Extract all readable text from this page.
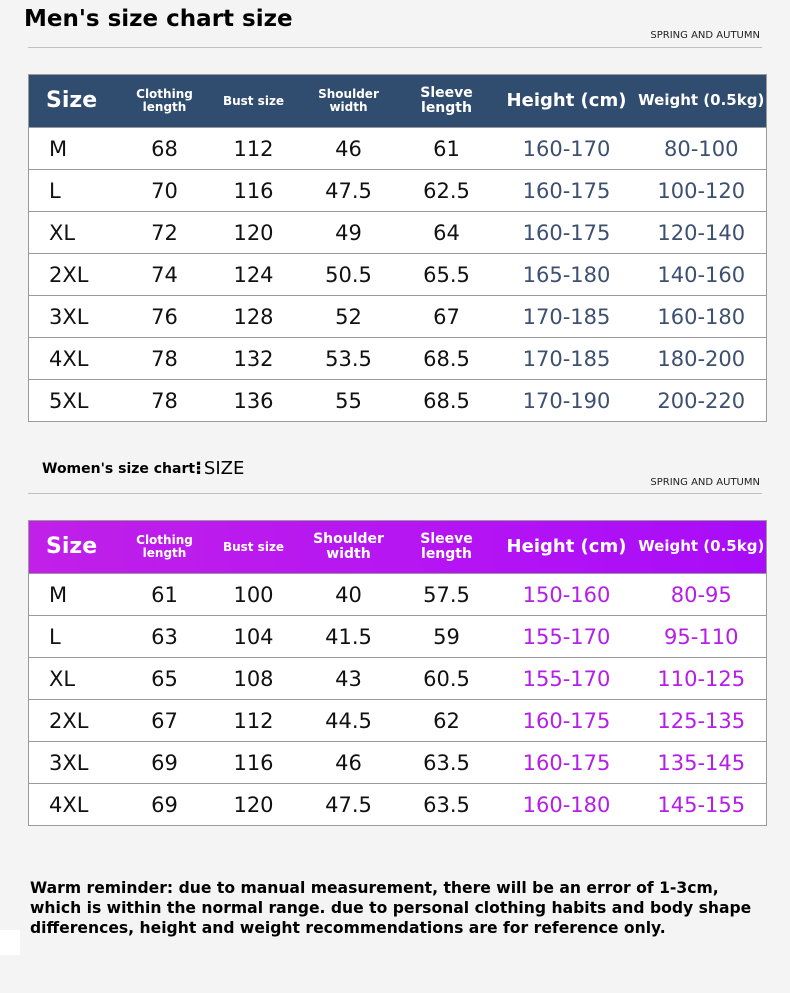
Men's size chart size
SPRING AND AUTUMN
Size	Clothing length	Bust size	Shoulder width	Sleeve length	Height (cm)	Weight (0.5kg)
M	68	112	46	61	160-170	80-100
L	70	116	47.5	62.5	160-175	100-120
XL	72	120	49	64	160-175	120-140
2XL	74	124	50.5	65.5	165-180	140-160
3XL	76	128	52	67	170-185	160-180
4XL	78	132	53.5	68.5	170-185	180-200
5XL	78	136	55	68.5	170-190	200-220
Women's size chart ⁝ SIZE
SPRING AND AUTUMN
Size	Clothing length	Bust size	Shoulder width	Sleeve length	Height (cm)	Weight (0.5kg)
M	61	100	40	57.5	150-160	80-95
L	63	104	41.5	59	155-170	95-110
XL	65	108	43	60.5	155-170	110-125
2XL	67	112	44.5	62	160-175	125-135
3XL	69	116	46	63.5	160-175	135-145
4XL	69	120	47.5	63.5	160-180	145-155
Warm reminder: due to manual measurement, there will be an error of 1-3cm, which is within the normal range. due to personal clothing habits and body shape differences, height and weight recommendations are for reference only.
